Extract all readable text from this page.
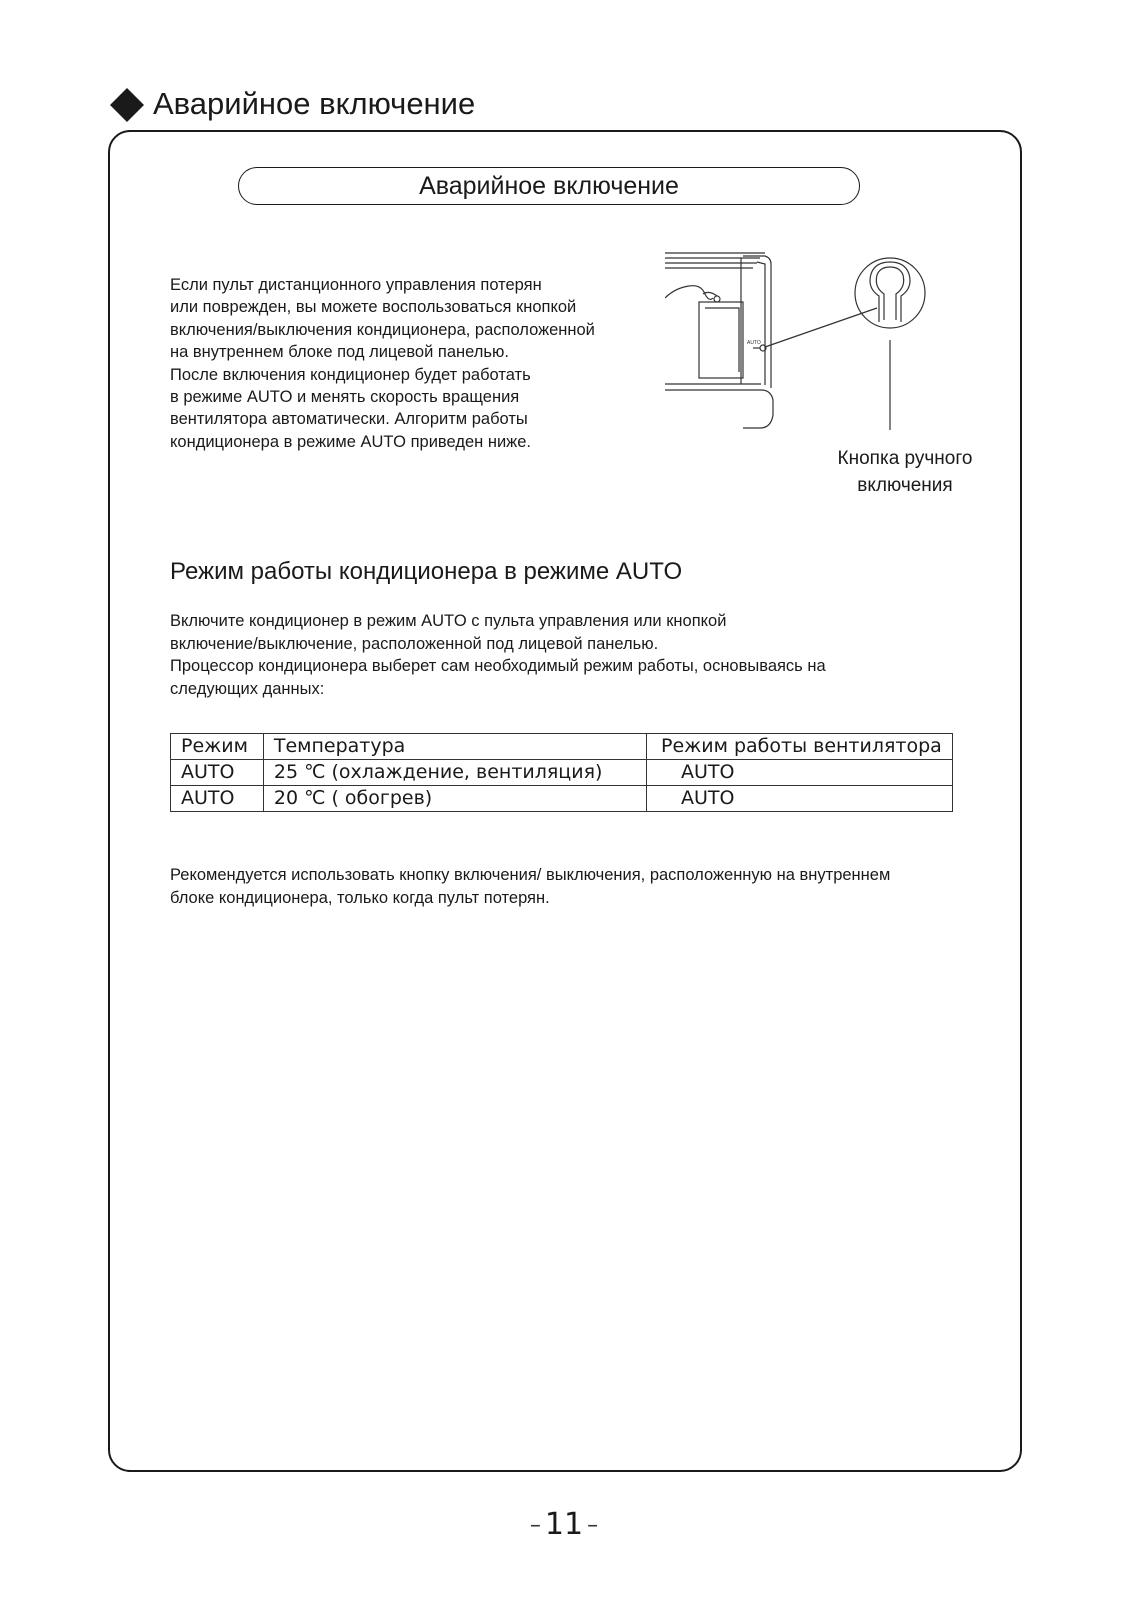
Аварийное включение
Аварийное включение
Если пульт дистанционного управления потерян
или поврежден, вы можете воспользоваться кнопкой
включения/выключения кондиционера, расположенной
на внутреннем блоке под лицевой панелью.
После включения кондиционер будет работать
в режиме AUTO и менять скорость вращения
вентилятора автоматически. Алгоритм работы
кондиционера в режиме AUTO приведен ниже.
AUTO
Кнопка ручного
включения
Режим работы кондиционера в режиме AUTO
Включите кондиционер в режим AUTO с пульта управления или кнопкой
включение/выключение, расположенной под лицевой панелью.
Процессор кондиционера выберет сам необходимый режим работы, основываясь на
следующих данных:
Режим	Температура	Режим работы вентилятора
AUTO	25 ℃ (охлаждение, вентиляция)	AUTO
AUTO	20 ℃ ( обогрев)	AUTO
Рекомендуется использовать кнопку включения/ выключения, расположенную на внутреннем
блоке кондиционера, только когда пульт потерян.
– 11 –
